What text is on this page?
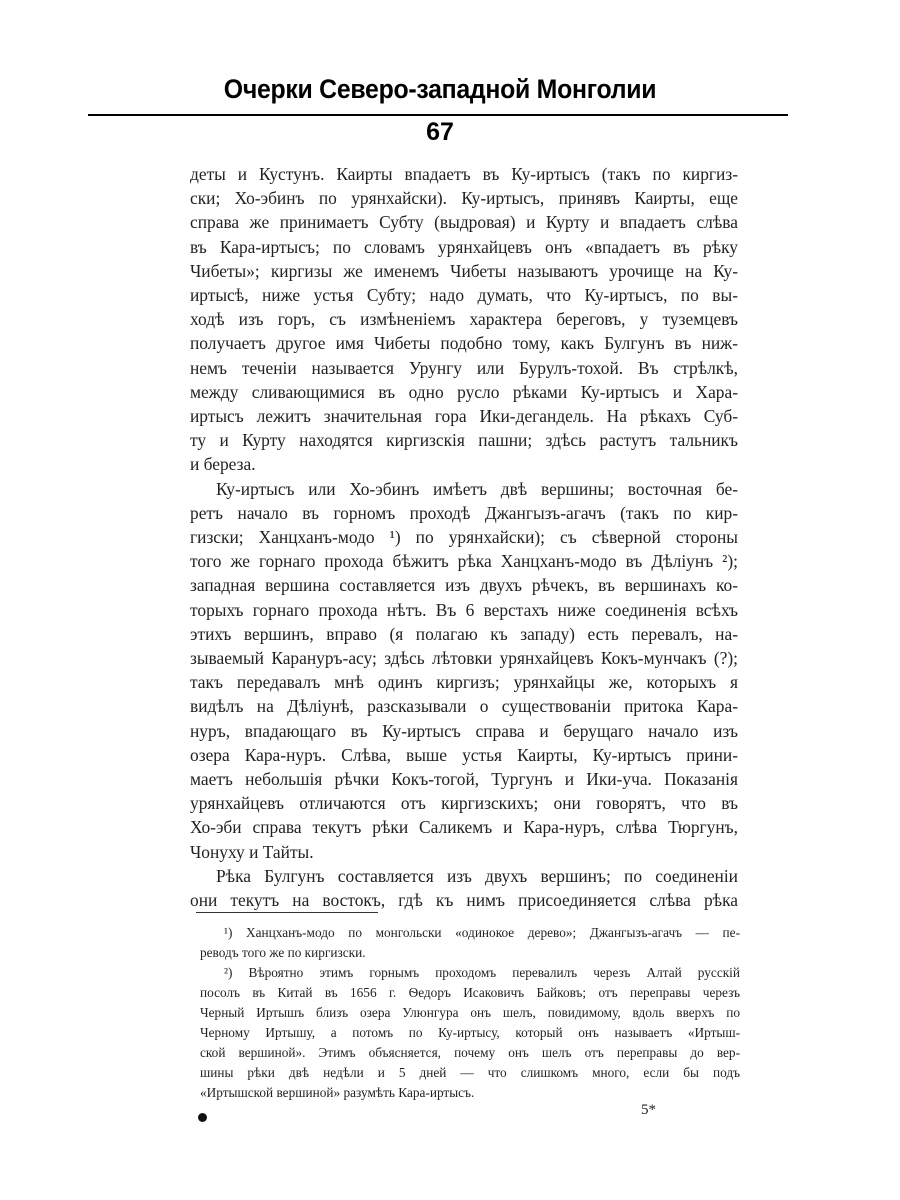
Очерки Северо-западной Монголии
67
деты и Кустунъ. Каирты впадаетъ въ Ку-иртысъ (такъ по киргиз-
ски; Хо-эбинъ по урянхайски). Ку-иртысъ, принявъ Каирты, еще
справа же принимаетъ Субту (выдровая) и Курту и впадаетъ слѣва
въ Кара-иртысъ; по словамъ урянхайцевъ онъ «впадаетъ въ рѣку
Чибеты»; киргизы же именемъ Чибеты называютъ урочище на Ку-
иртысѣ, ниже устья Субту; надо думать, что Ку-иртысъ, по вы-
ходѣ изъ горъ, съ измѣненіемъ характера береговъ, у туземцевъ
получаетъ другое имя Чибеты подобно тому, какъ Булгунъ въ ниж-
немъ теченіи называется Урунгу или Бурулъ-тохой. Въ стрѣлкѣ,
между сливающимися въ одно русло рѣками Ку-иртысъ и Хара-
иртысъ лежитъ значительная гора Ики-дегандель. На рѣкахъ Суб-
ту и Курту находятся киргизскія пашни; здѣсь растутъ тальникъ
и береза.
Ку-иртысъ или Хо-эбинъ имѣетъ двѣ вершины; восточная бе-
ретъ начало въ горномъ проходѣ Джангызъ-агачъ (такъ по кир-
гизски; Ханцханъ-модо ¹) по урянхайски); съ сѣверной стороны
того же горнаго прохода бѣжитъ рѣка Ханцханъ-модо въ Дѣліунъ ²);
западная вершина составляется изъ двухъ рѣчекъ, въ вершинахъ ко-
торыхъ горнаго прохода нѣтъ. Въ 6 верстахъ ниже соединенія всѣхъ
этихъ вершинъ, вправо (я полагаю къ западу) есть перевалъ, на-
зываемый Карануръ-асу; здѣсь лѣтовки урянхайцевъ Кокъ-мунчакъ (?);
такъ передавалъ мнѣ одинъ киргизъ; урянхайцы же, которыхъ я
видѣлъ на Дѣліунѣ, разсказывали о существованіи притока Кара-
нуръ, впадающаго въ Ку-иртысъ справа и берущаго начало изъ
озера Кара-нуръ. Слѣва, выше устья Каирты, Ку-иртысъ прини-
маетъ небольшія рѣчки Кокъ-тогой, Тургунъ и Ики-уча. Показанія
урянхайцевъ отличаются отъ киргизскихъ; они говорятъ, что въ
Хо-эби справа текутъ рѣки Саликемъ и Кара-нуръ, слѣва Тюргунъ,
Чонуху и Тайты.
Рѣка Булгунъ составляется изъ двухъ вершинъ; по соединеніи
они текутъ на востокъ, гдѣ къ нимъ присоединяется слѣва рѣка
¹) Ханцханъ-модо по монгольски «одинокое дерево»; Джангызъ-агачъ — пе-
реводъ того же по киргизски.
²) Вѣроятно этимъ горнымъ проходомъ перевалилъ черезъ Алтай русскій
посолъ въ Китай въ 1656 г. Ѳедоръ Исаковичъ Байковъ; отъ переправы черезъ
Черный Иртышъ близъ озера Улюнгура онъ шелъ, повидимому, вдоль вверхъ по
Черному Иртышу, а потомъ по Ку-иртысу, который онъ называетъ «Иртыш-
ской вершиной». Этимъ объясняется, почему онъ шелъ отъ переправы до вер-
шины рѣки двѣ недѣли и 5 дней — что слишкомъ много, если бы подъ
«Иртышской вершиной» разумѣть Кара-иртысъ.
5*
